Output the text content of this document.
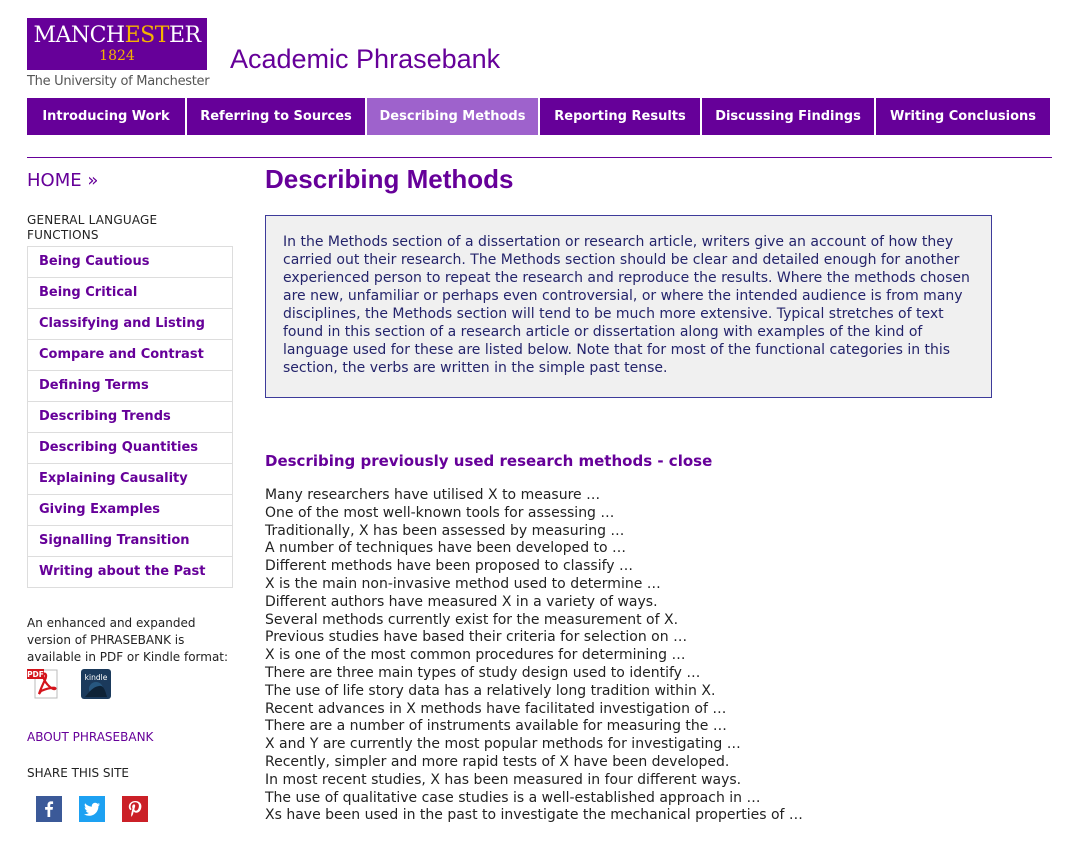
MANCHESTER
1824
The University of Manchester
Academic Phrasebank
Introducing Work	Referring to Sources	Describing Methods	Reporting Results	Discussing Findings	Writing Conclusions
HOME »
GENERAL LANGUAGE FUNCTIONS
Being Cautious
Being Critical
Classifying and Listing
Compare and Contrast
Defining Terms
Describing Trends
Describing Quantities
Explaining Causality
Giving Examples
Signalling Transition
Writing about the Past
An enhanced and expanded version of PHRASEBANK is available in PDF or Kindle format:
PDF	kindle
ABOUT PHRASEBANK
SHARE THIS SITE
Describing Methods
In the Methods section of a dissertation or research article, writers give an account of how they carried out their research. The Methods section should be clear and detailed enough for another experienced person to repeat the research and reproduce the results. Where the methods chosen are new, unfamiliar or perhaps even controversial, or where the intended audience is from many disciplines, the Methods section will tend to be much more extensive. Typical stretches of text found in this section of a research article or dissertation along with examples of the kind of language used for these are listed below. Note that for most of the functional categories in this section, the verbs are written in the simple past tense.
Describing previously used research methods - close
Many researchers have utilised X to measure …
One of the most well-known tools for assessing …
Traditionally, X has been assessed by measuring …
A number of techniques have been developed to …
Different methods have been proposed to classify …
X is the main non-invasive method used to determine …
Different authors have measured X in a variety of ways.
Several methods currently exist for the measurement of X.
Previous studies have based their criteria for selection on …
X is one of the most common procedures for determining …
There are three main types of study design used to identify …
The use of life story data has a relatively long tradition within X.
Recent advances in X methods have facilitated investigation of …
There are a number of instruments available for measuring the …
X and Y are currently the most popular methods for investigating …
Recently, simpler and more rapid tests of X have been developed.
In most recent studies, X has been measured in four different ways.
The use of qualitative case studies is a well-established approach in …
Xs have been used in the past to investigate the mechanical properties of …
